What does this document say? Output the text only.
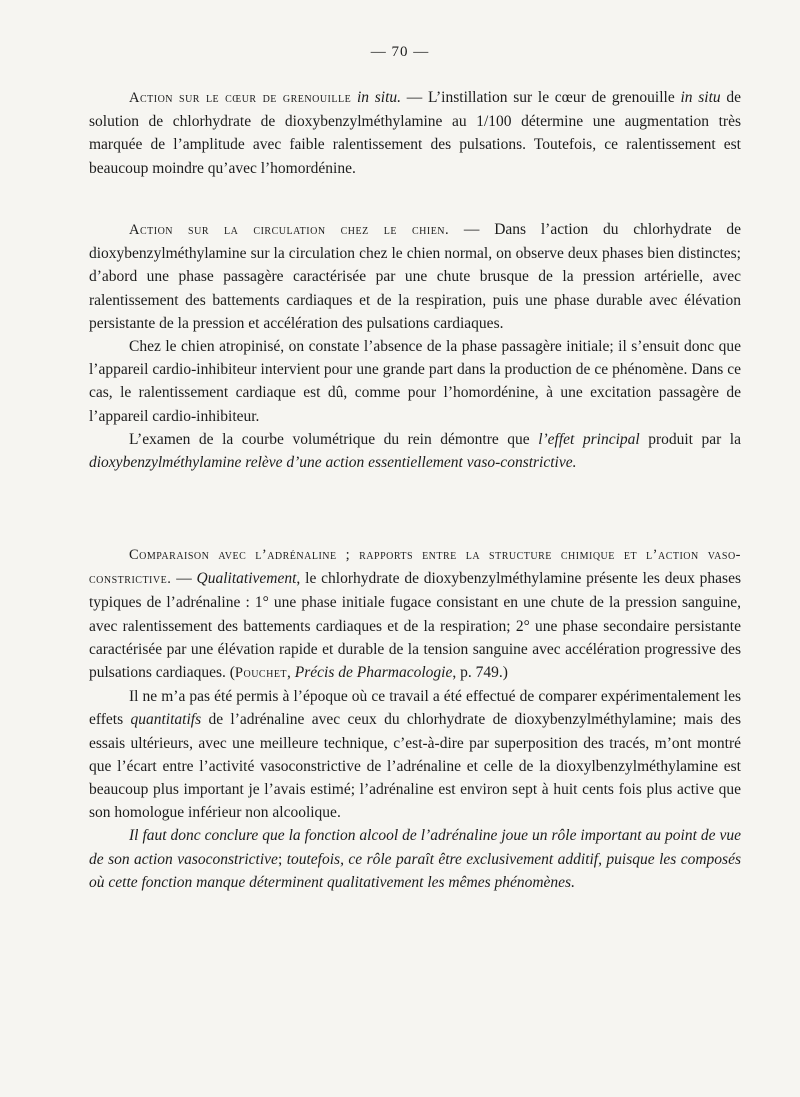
— 70 —

Action sur le cœur de grenouille in situ. — L’instillation sur le cœur de grenouille in situ de solution de chlorhydrate de dioxybenzylméthylamine au 1/100 détermine une augmentation très marquée de l’amplitude avec faible ralentissement des pulsations. Toutefois, ce ralentissement est beaucoup moindre qu’avec l’homordénine.

Action sur la circulation chez le chien. — Dans l’action du chlorhydrate de dioxybenzylméthylamine sur la circulation chez le chien normal, on observe deux phases bien distinctes; d’abord une phase passagère caractérisée par une chute brusque de la pression artérielle, avec ralentissement des battements cardiaques et de la respiration, puis une phase durable avec élévation persistante de la pression et accélération des pulsations cardiaques.

Chez le chien atropinisé, on constate l’absence de la phase passagère initiale; il s’ensuit donc que l’appareil cardio-inhibiteur intervient pour une grande part dans la production de ce phénomène. Dans ce cas, le ralentissement cardiaque est dû, comme pour l’homordénine, à une excitation passagère de l’appareil cardio-inhibiteur.

L’examen de la courbe volumétrique du rein démontre que l’effet principal produit par la dioxybenzylméthylamine relève d’une action essentiellement vaso-constrictive.

Comparaison avec l’adrénaline ; rapports entre la structure chimique et l’action vaso-constrictive. — Qualitativement, le chlorhydrate de dioxybenzylméthylamine présente les deux phases typiques de l’adrénaline : 1° une phase initiale fugace consistant en une chute de la pression sanguine, avec ralentissement des battements cardiaques et de la respiration; 2° une phase secondaire persistante caractérisée par une élévation rapide et durable de la tension sanguine avec accélération progressive des pulsations cardiaques. (Pouchet, Précis de Pharmacologie, p. 749.)

Il ne m’a pas été permis à l’époque où ce travail a été effectué de comparer expérimentalement les effets quantitatifs de l’adrénaline avec ceux du chlorhydrate de dioxybenzylméthylamine; mais des essais ultérieurs, avec une meilleure technique, c’est-à-dire par superposition des tracés, m’ont montré que l’écart entre l’activité vasoconstrictive de l’adrénaline et celle de la dioxylbenzylméthylamine est beaucoup plus important je l’avais estimé; l’adrénaline est environ sept à huit cents fois plus active que son homologue inférieur non alcoolique.

Il faut donc conclure que la fonction alcool de l’adrénaline joue un rôle important au point de vue de son action vasoconstrictive; toutefois, ce rôle paraît être exclusivement additif, puisque les composés où cette fonction manque déterminent qualitativement les mêmes phénomènes.
